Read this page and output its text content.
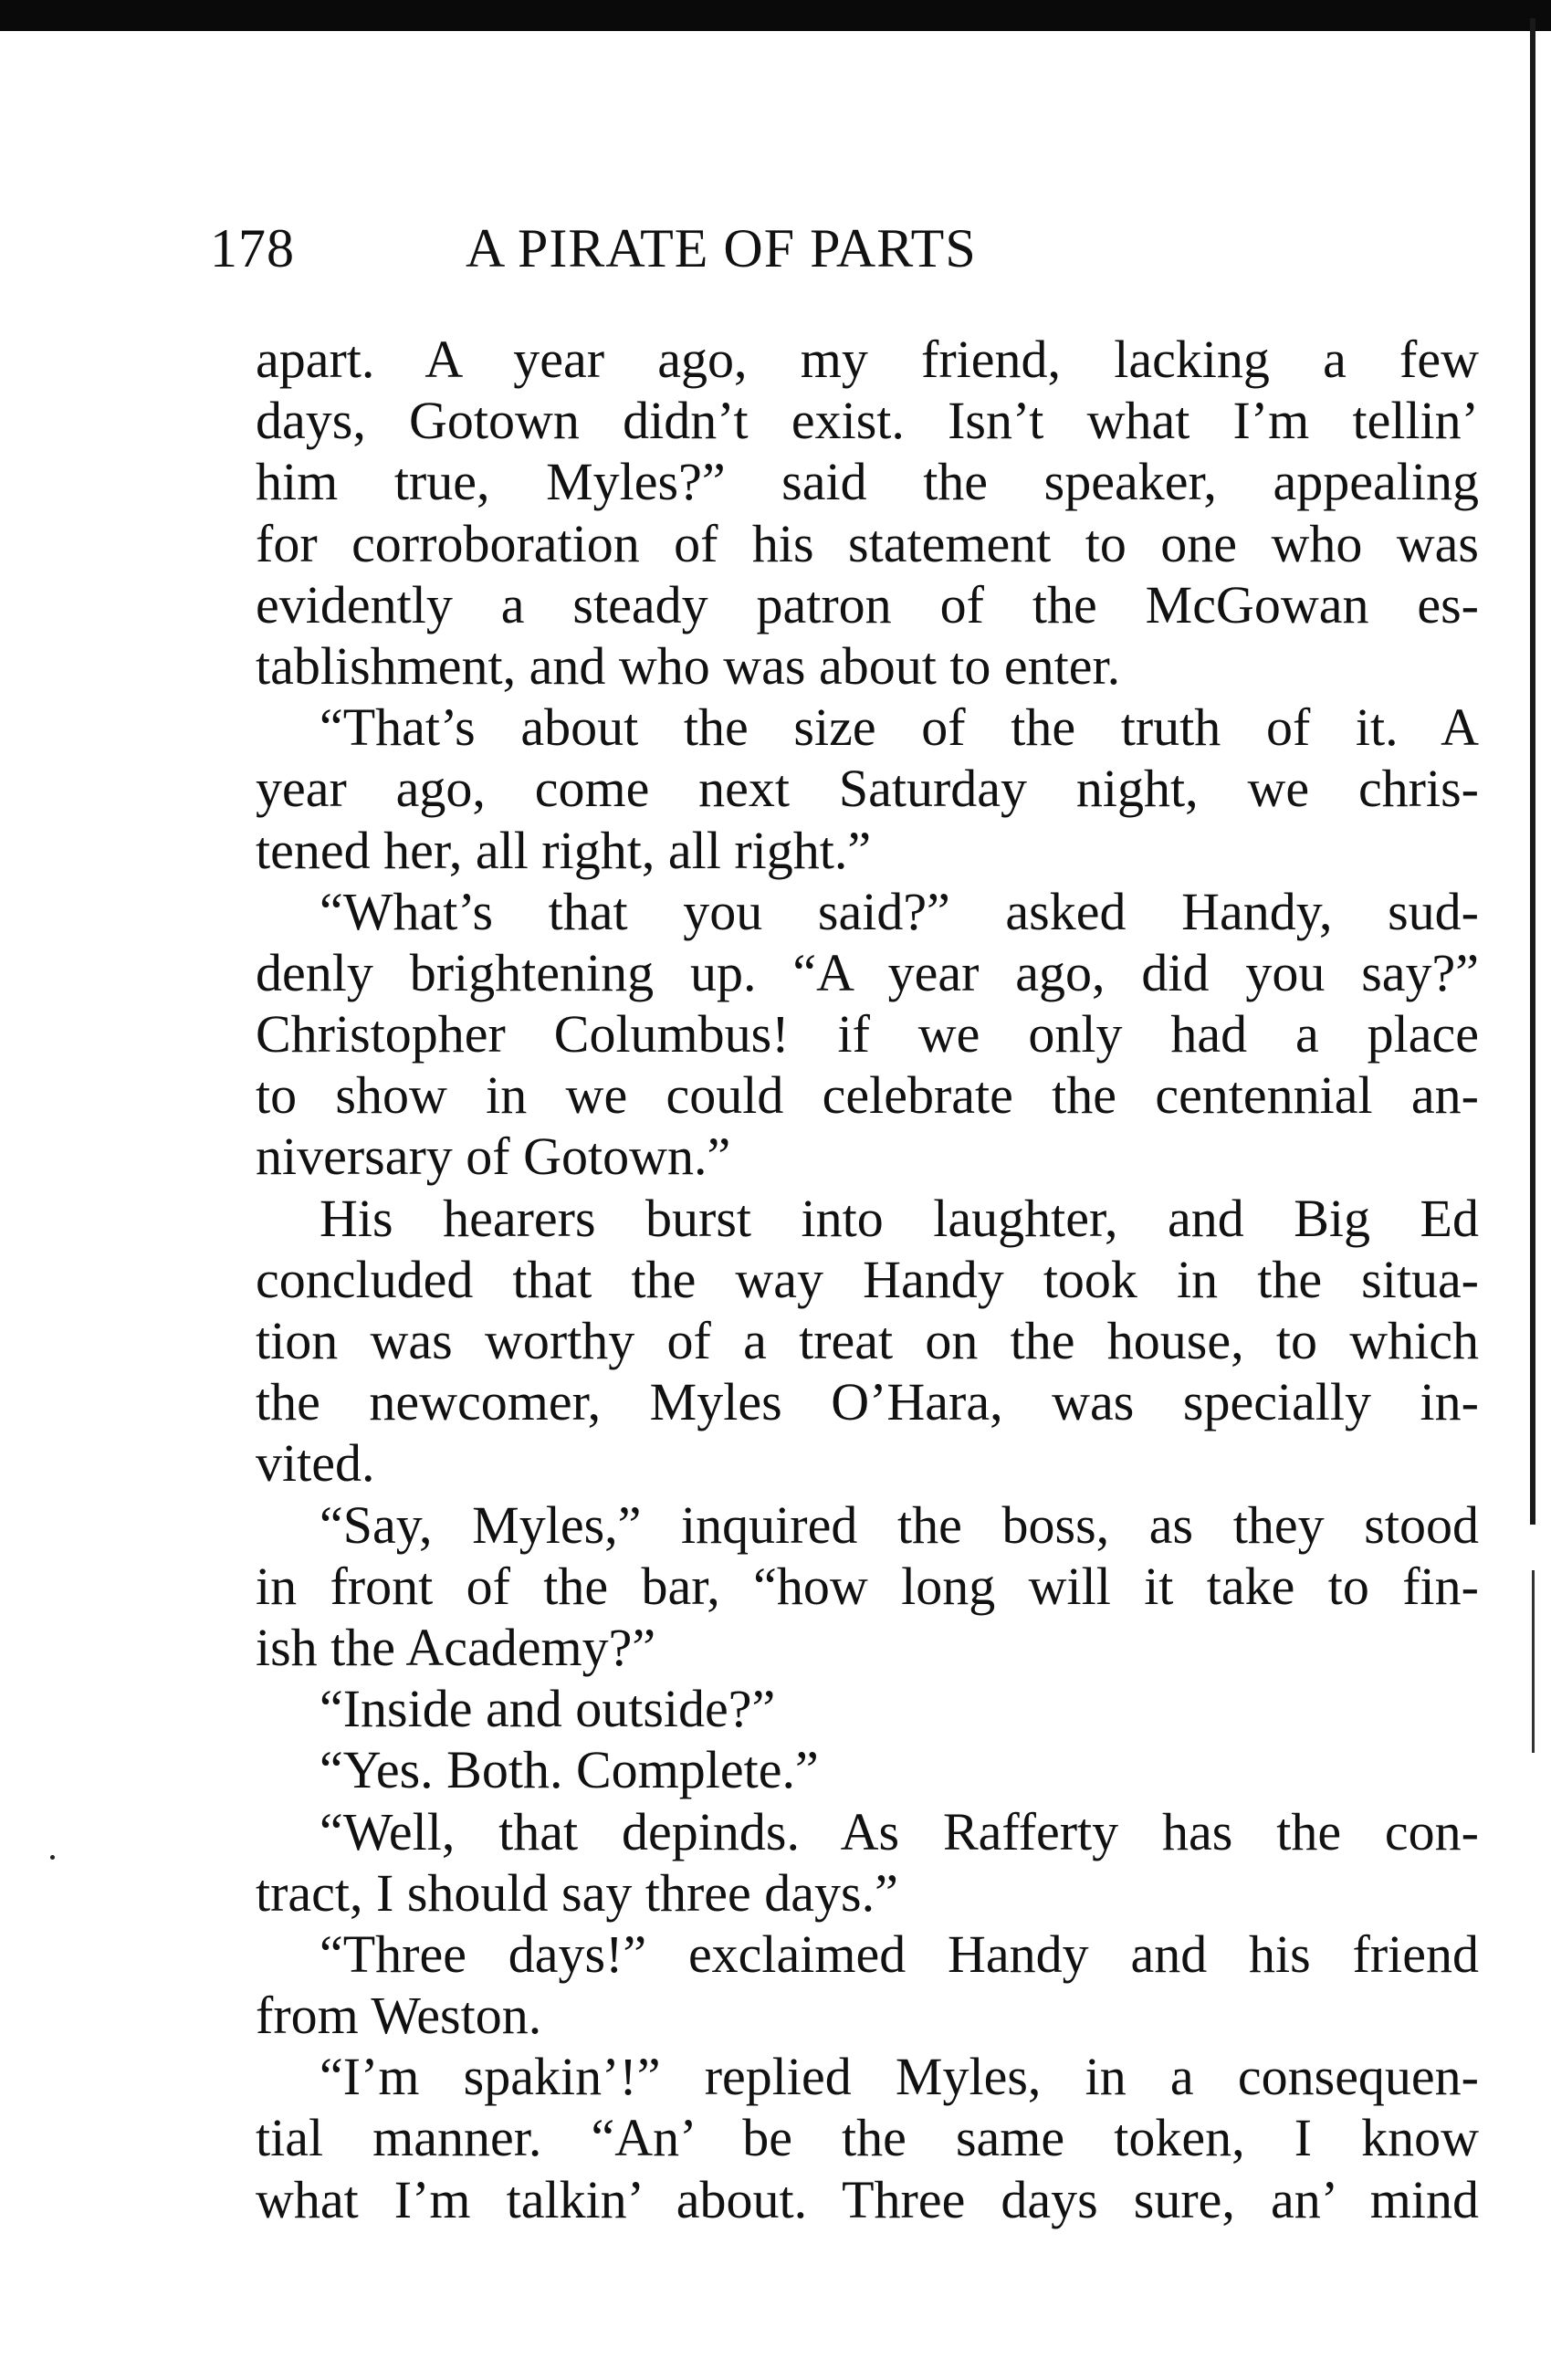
178	A PIRATE OF PARTS
apart. A year ago, my friend, lacking a few
days, Gotown didn’t exist. Isn’t what I’m tellin’
him true, Myles?” said the speaker, appealing
for corroboration of his statement to one who was
evidently a steady patron of the McGowan es-
tablishment, and who was about to enter.
“That’s about the size of the truth of it. A
year ago, come next Saturday night, we chris-
tened her, all right, all right.”
“What’s that you said?” asked Handy, sud-
denly brightening up. “A year ago, did you say?”
Christopher Columbus! if we only had a place
to show in we could celebrate the centennial an-
niversary of Gotown.”
His hearers burst into laughter, and Big Ed
concluded that the way Handy took in the situa-
tion was worthy of a treat on the house, to which
the newcomer, Myles O’Hara, was specially in-
vited.
“Say, Myles,” inquired the boss, as they stood
in front of the bar, “how long will it take to fin-
ish the Academy?”
“Inside and outside?”
“Yes. Both. Complete.”
“Well, that depinds. As Rafferty has the con-
tract, I should say three days.”
“Three days!” exclaimed Handy and his friend
from Weston.
“I’m spakin’!” replied Myles, in a consequen-
tial manner. “An’ be the same token, I know
what I’m talkin’ about. Three days sure, an’ mind
